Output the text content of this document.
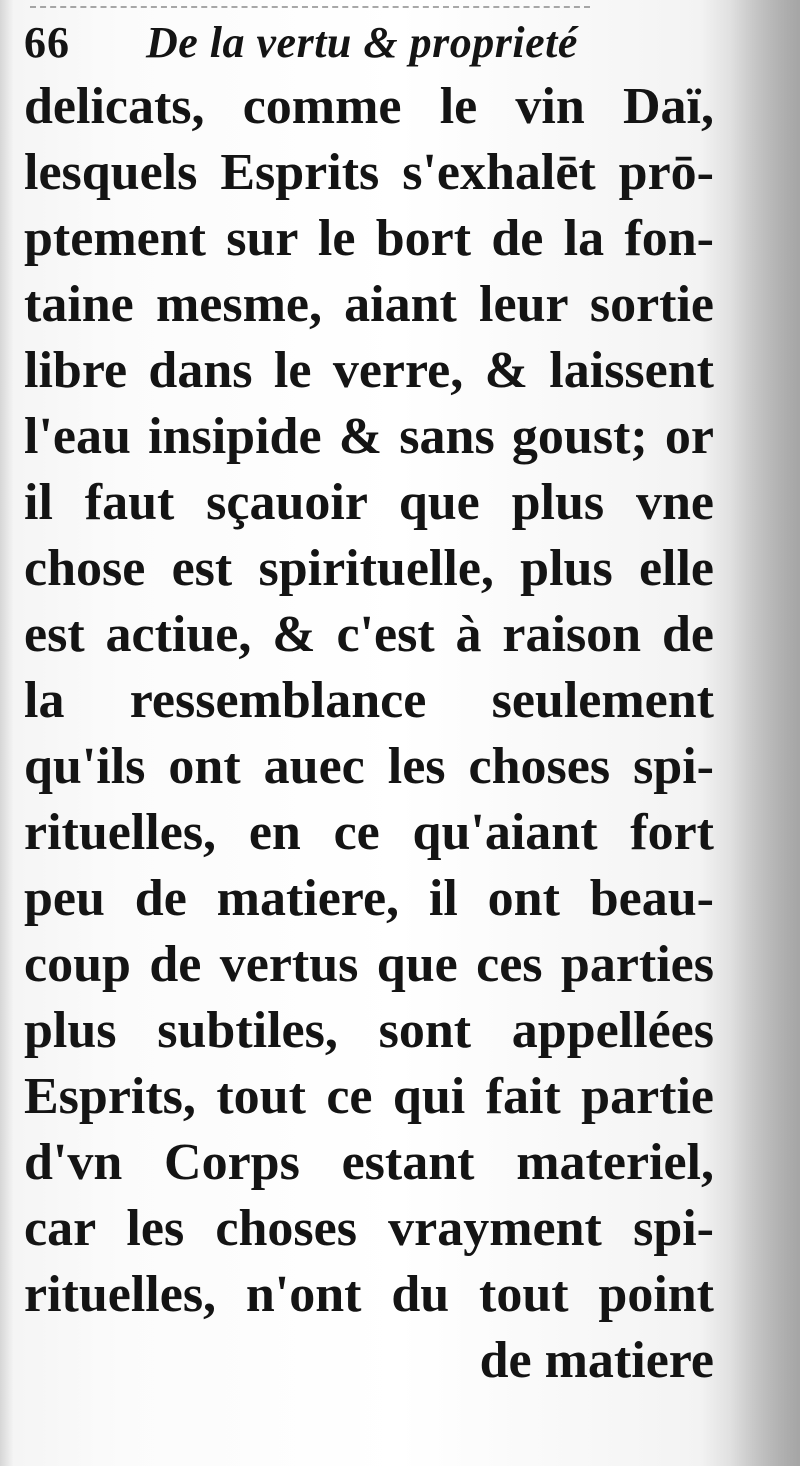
66 De la vertu & proprieté
delicats, comme le vin Daï,
lesquels Esprits s'exhalēt prō-
ptement sur le bort de la fon-
taine mesme, aiant leur sortie
libre dans le verre, & laissent
l'eau insipide & sans goust; or
il faut sçauoir que plus vne
chose est spirituelle, plus elle
est actiue, & c'est à raison de
la ressemblance seulement
qu'ils ont auec les choses spi-
rituelles, en ce qu'aiant fort
peu de matiere, il ont beau-
coup de vertus que ces parties
plus subtiles, sont appellées
Esprits, tout ce qui fait partie
d'vn Corps estant materiel,
car les choses vrayment spi-
rituelles, n'ont du tout point
de matiere
